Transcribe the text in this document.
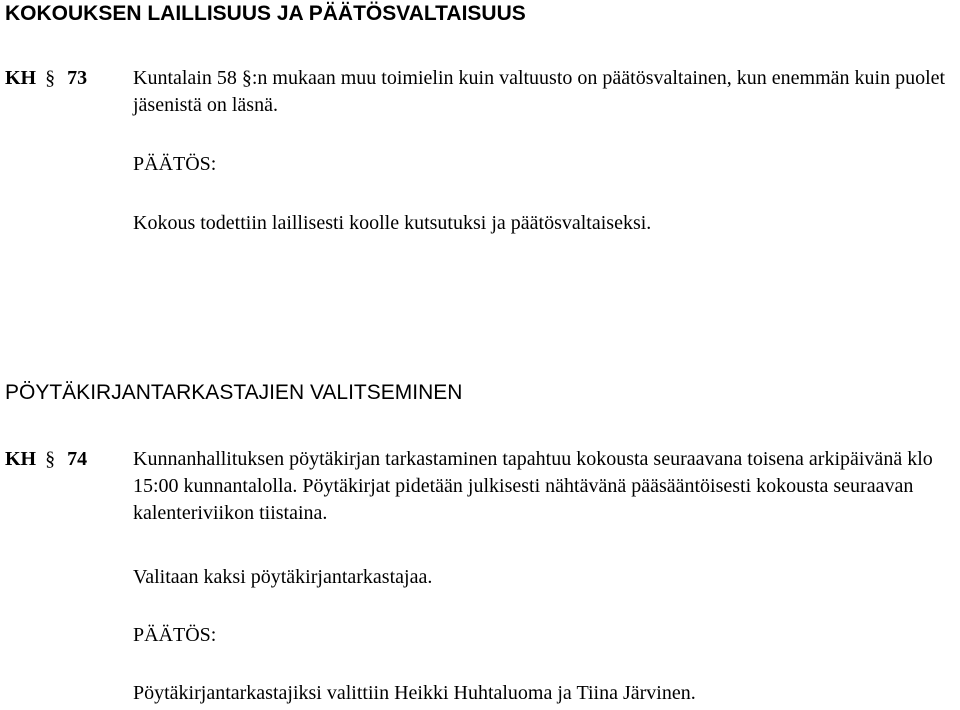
KOKOUKSEN LAILLISUUS JA PÄÄTÖSVALTAISUUS
KH § 73 Kuntalain 58 §:n mukaan muu toimielin kuin valtuusto on päätösvaltainen, kun enemmän kuin puolet jäsenistä on läsnä.

PÄÄTÖS:

Kokous todettiin laillisesti koolle kutsutuksi ja päätösvaltaiseksi.

PÖYTÄKIRJANTARKASTAJIEN VALITSEMINEN
KH § 74 Kunnanhallituksen pöytäkirjan tarkastaminen tapahtuu kokousta seuraavana toisena arkipäivänä klo 15:00 kunnantalolla. Pöytäkirjat pidetään julkisesti nähtävänä pääsääntöisesti kokousta seuraavan kalenteriviikon tiistaina.

Valitaan kaksi pöytäkirjantarkastajaa.

PÄÄTÖS:

Pöytäkirjantarkastajiksi valittiin Heikki Huhtaluoma ja Tiina Järvinen.
